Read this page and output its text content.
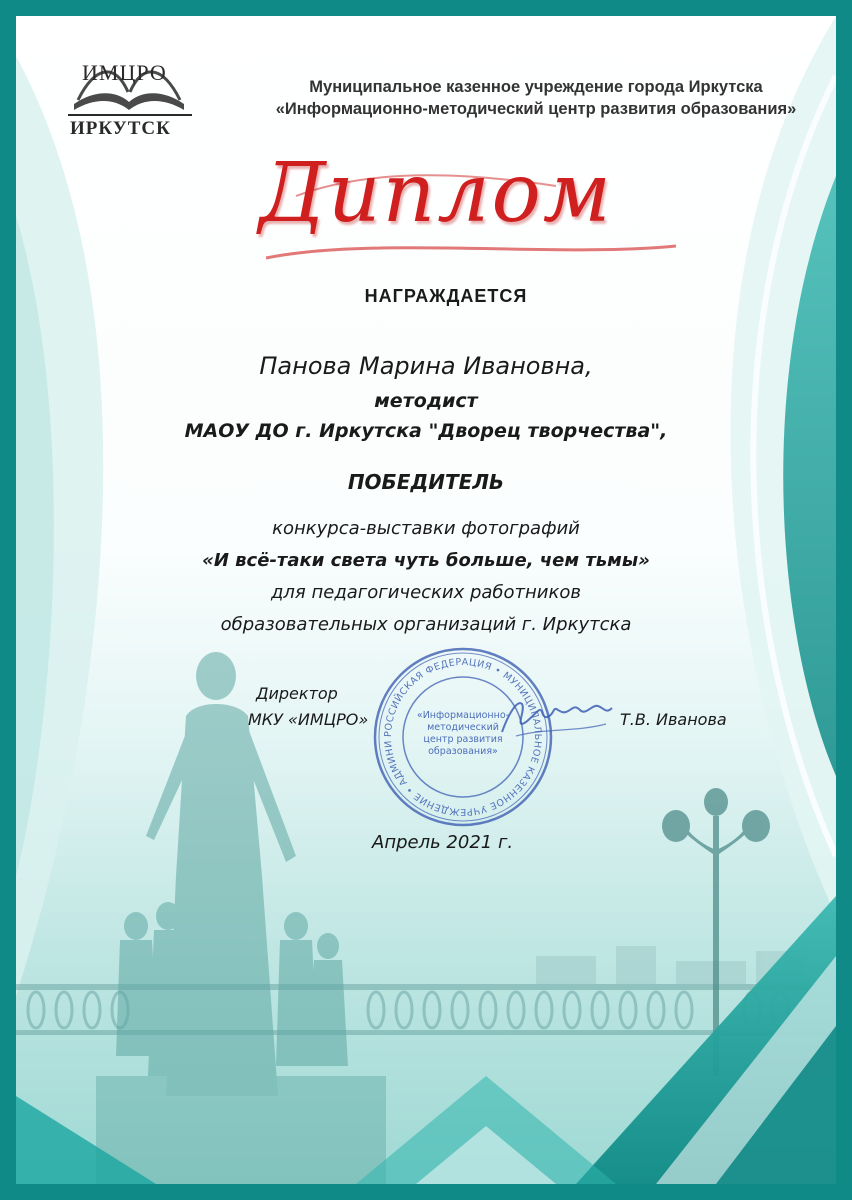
ИМЦРО
ИРКУТСК
Муниципальное казенное учреждение города Иркутска
«Информационно-методический центр развития образования»
Диплом
НАГРАЖДАЕТСЯ
Панова Марина Ивановна,
методист
МАОУ ДО г. Иркутска "Дворец творчества",
ПОБЕДИТЕЛЬ
конкурса-выставки фотографий
«И всё-таки света чуть больше, чем тьмы»
для педагогических работников
образовательных организаций г. Иркутска
Директор
МКУ «ИМЦРО»	Т.В. Иванова
РОССИЙСКАЯ ФЕДЕРАЦИЯ • МУНИЦИПАЛЬНОЕ КАЗЕННОЕ УЧРЕЖДЕНИЕ • АДМИНИ
«Информационно-
методический
центр развития
образования»
Апрель 2021 г.
